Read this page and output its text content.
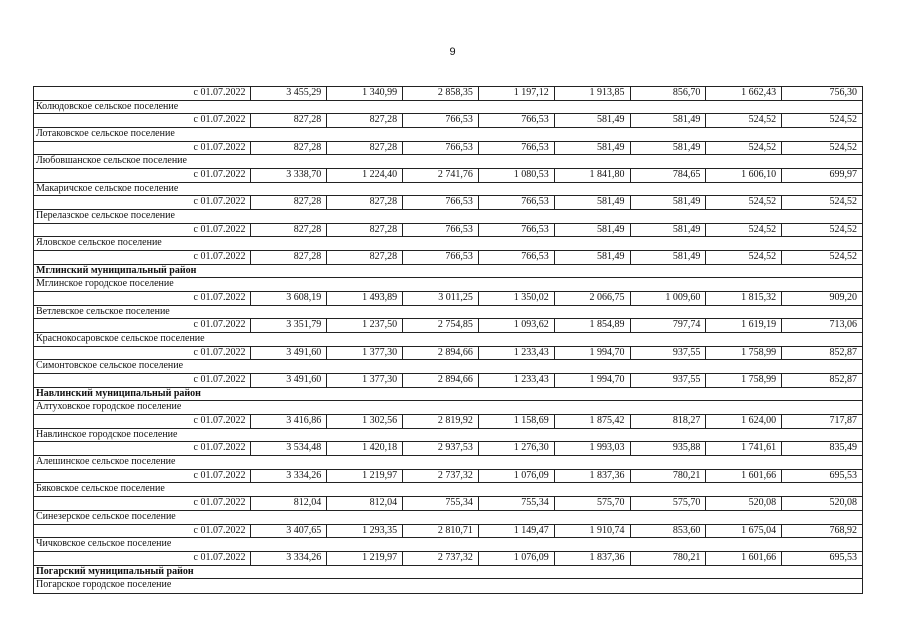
9
с 01.07.2022	3 455,29	1 340,99	2 858,35	1 197,12	1 913,85	856,70	1 662,43	756,30
Колюдовское сельское поселение
с 01.07.2022	827,28	827,28	766,53	766,53	581,49	581,49	524,52	524,52
Лотаковское сельское поселение
с 01.07.2022	827,28	827,28	766,53	766,53	581,49	581,49	524,52	524,52
Любовшанское сельское поселение
с 01.07.2022	3 338,70	1 224,40	2 741,76	1 080,53	1 841,80	784,65	1 606,10	699,97
Макаричское сельское поселение
с 01.07.2022	827,28	827,28	766,53	766,53	581,49	581,49	524,52	524,52
Перелазское сельское поселение
с 01.07.2022	827,28	827,28	766,53	766,53	581,49	581,49	524,52	524,52
Яловское сельское поселение
с 01.07.2022	827,28	827,28	766,53	766,53	581,49	581,49	524,52	524,52
Мглинский муниципальный район
Мглинское городское поселение
с 01.07.2022	3 608,19	1 493,89	3 011,25	1 350,02	2 066,75	1 009,60	1 815,32	909,20
Ветлевское сельское поселение
с 01.07.2022	3 351,79	1 237,50	2 754,85	1 093,62	1 854,89	797,74	1 619,19	713,06
Краснокосаровское сельское поселение
с 01.07.2022	3 491,60	1 377,30	2 894,66	1 233,43	1 994,70	937,55	1 758,99	852,87
Симонтовское сельское поселение
с 01.07.2022	3 491,60	1 377,30	2 894,66	1 233,43	1 994,70	937,55	1 758,99	852,87
Навлинский муниципальный район
Алтуховское городское поселение
с 01.07.2022	3 416,86	1 302,56	2 819,92	1 158,69	1 875,42	818,27	1 624,00	717,87
Навлинское городское поселение
с 01.07.2022	3 534,48	1 420,18	2 937,53	1 276,30	1 993,03	935,88	1 741,61	835,49
Алешинское сельское поселение
с 01.07.2022	3 334,26	1 219,97	2 737,32	1 076,09	1 837,36	780,21	1 601,66	695,53
Бяковское сельское поселение
с 01.07.2022	812,04	812,04	755,34	755,34	575,70	575,70	520,08	520,08
Синезерское сельское поселение
с 01.07.2022	3 407,65	1 293,35	2 810,71	1 149,47	1 910,74	853,60	1 675,04	768,92
Чичковское сельское поселение
с 01.07.2022	3 334,26	1 219,97	2 737,32	1 076,09	1 837,36	780,21	1 601,66	695,53
Погарский муниципальный район
Погарское городское поселение
